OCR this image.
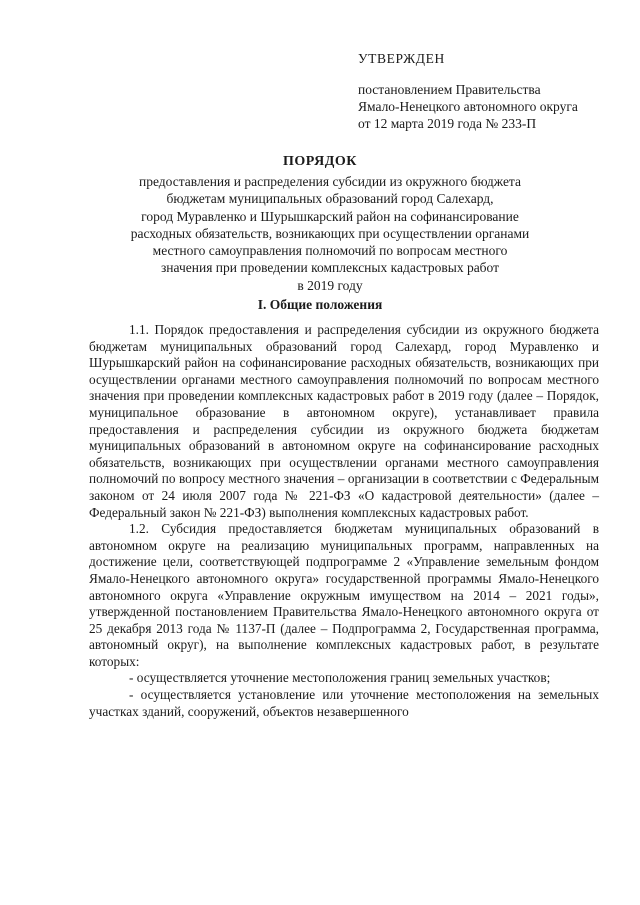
УТВЕРЖДЕН
постановлением Правительства
Ямало-Ненецкого автономного округа
от 12 марта 2019 года № 233-П
ПОРЯДОК
предоставления и распределения субсидии из окружного бюджета
бюджетам муниципальных образований город Салехард,
город Муравленко и Шурышкарский район на софинансирование
расходных обязательств, возникающих при осуществлении органами
местного самоуправления полномочий по вопросам местного
значения при проведении комплексных кадастровых работ
в 2019 году
I. Общие положения

1.1. Порядок предоставления и распределения субсидии из окружного бюджета бюджетам муниципальных образований город Салехард, город Муравленко и Шурышкарский район на софинансирование расходных обязательств, возникающих при осуществлении органами местного самоуправления полномочий по вопросам местного значения при проведении комплексных кадастровых работ в 2019 году (далее – Порядок, муниципальное образование в автономном округе), устанавливает правила предоставления и распределения субсидии из окружного бюджета бюджетам муниципальных образований в автономном округе на софинансирование расходных обязательств, возникающих при осуществлении органами местного самоуправления полномочий по вопросу местного значения – организации в соответствии с Федеральным законом от 24 июля 2007 года № 221-ФЗ «О кадастровой деятельности» (далее – Федеральный закон № 221-ФЗ) выполнения комплексных кадастровых работ.

1.2. Субсидия предоставляется бюджетам муниципальных образований в автономном округе на реализацию муниципальных программ, направленных на достижение цели, соответствующей подпрограмме 2 «Управление земельным фондом Ямало-Ненецкого автономного округа» государственной программы Ямало-Ненецкого автономного округа «Управление окружным имуществом на 2014 – 2021 годы», утвержденной постановлением Правительства Ямало-Ненецкого автономного округа от 25 декабря 2013 года № 1137-П (далее – Подпрограмма 2, Государственная программа, автономный округ), на выполнение комплексных кадастровых работ, в результате которых:

- осуществляется уточнение местоположения границ земельных участков;

- осуществляется установление или уточнение местоположения на земельных участках зданий, сооружений, объектов незавершенного
